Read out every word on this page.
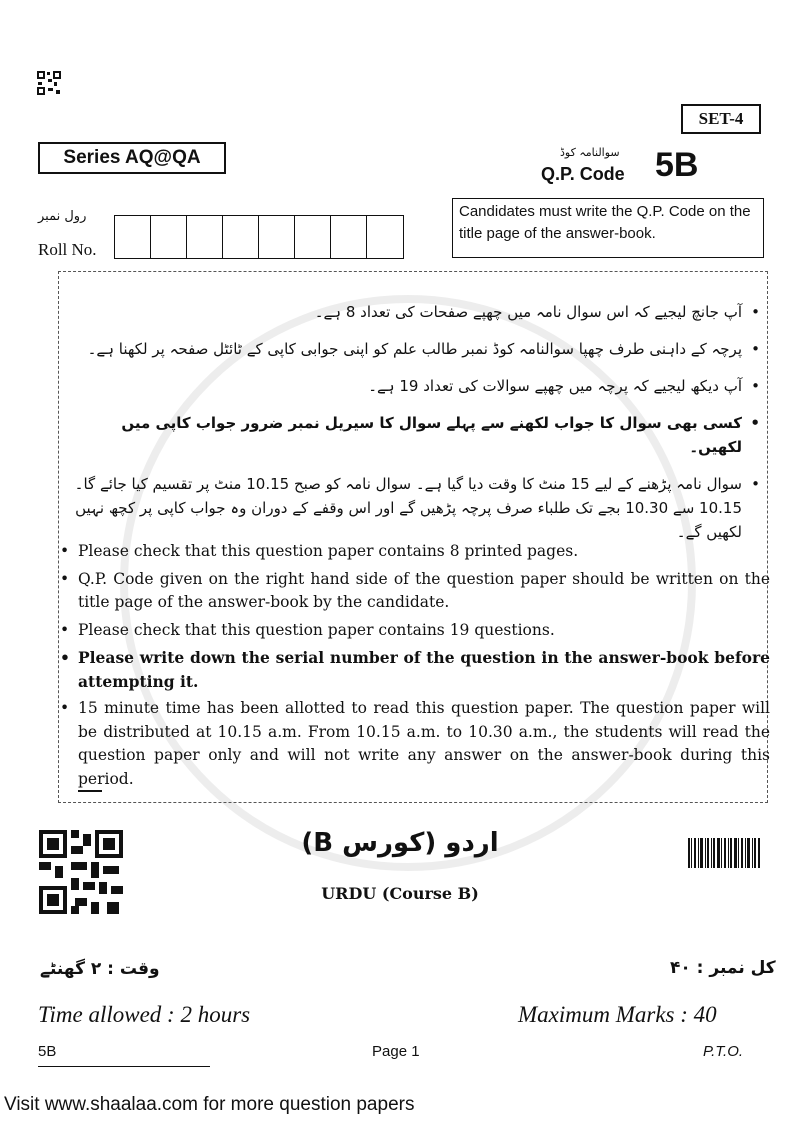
SET-4
Series AQ@QA	سوالنامہ کوڈ
Q.P. Code 5B
رول نمبر
Roll No.
Candidates must write the Q.P. Code on the title page of the answer-book.
• آپ جانچ لیجیے کہ اس سوال نامہ میں چھپے صفحات کی تعداد 8 ہے۔
• پرچہ کے داہنی طرف چھپا سوالنامہ کوڈ نمبر طالب علم کو اپنی جوابی کاپی کے ٹائٹل صفحہ پر لکھنا ہے۔
• آپ دیکھ لیجیے کہ پرچہ میں چھپے سوالات کی تعداد 19 ہے۔
• کسی بھی سوال کا جواب لکھنے سے پہلے سوال کا سیریل نمبر ضرور جواب کاپی میں لکھیں۔
• سوال نامہ پڑھنے کے لیے 15 منٹ کا وقت دیا گیا ہے۔ سوال نامہ کو صبح 10.15 منٹ پر تقسیم کیا جائے گا۔ 10.15 سے 10.30 بجے تک طلباء صرف پرچہ پڑھیں گے اور اس وقفے کے دوران وہ جواب کاپی پر کچھ نہیں لکھیں گے۔
• Please check that this question paper contains 8 printed pages.
• Q.P. Code given on the right hand side of the question paper should be written on the title page of the answer-book by the candidate.
• Please check that this question paper contains 19 questions.
• Please write down the serial number of the question in the answer-book before attempting it.
• 15 minute time has been allotted to read this question paper. The question paper will be distributed at 10.15 a.m. From 10.15 a.m. to 10.30 a.m., the students will read the question paper only and will not write any answer on the answer-book during this period.
اردو (کورس B)
URDU (Course B)
وقت : ۲ گھنٹے	کل نمبر : ۴۰
Time allowed : 2 hours	Maximum Marks : 40
5B	Page 1	P.T.O.
Visit www.shaalaa.com for more question papers
